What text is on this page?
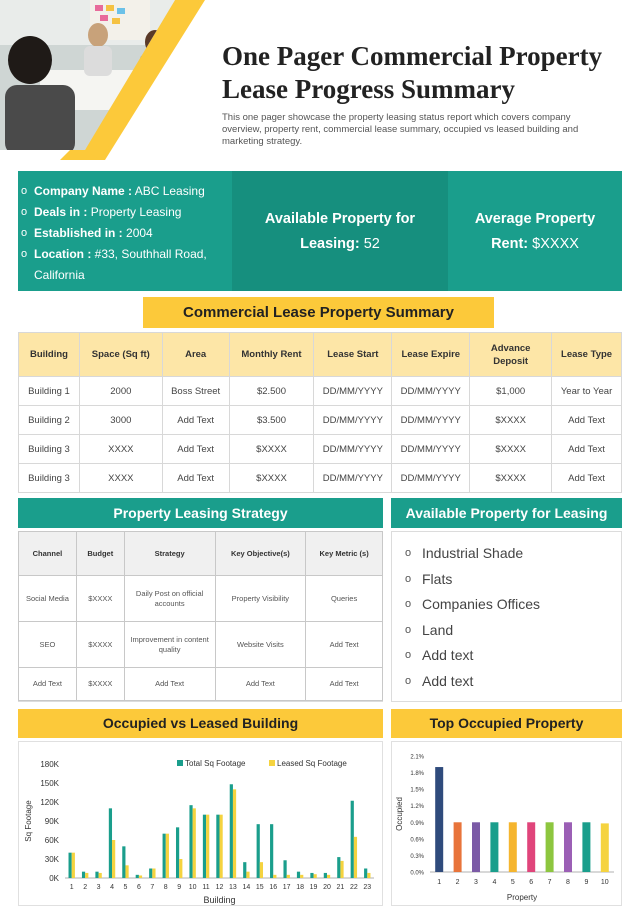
One Pager Commercial Property
Lease Progress Summary
This one pager showcase the property leasing status report which covers company overview, property rent, commercial lease summary, occupied vs leased building and marketing strategy.
o Company Name : ABC Leasing
o Deals in : Property Leasing
o Established in : 2004
o Location : #33, Southhall Road, California
Available Property for
Leasing: 52
Average Property
Rent: $XXXX
Commercial Lease Property Summary
Building	Space (Sq ft)	Area	Monthly Rent	Lease Start	Lease Expire	Advance Deposit	Lease Type
Building 1	2000	Boss Street	$2.500	DD/MM/YYYY	DD/MM/YYYY	$1,000	Year to Year
Building 2	3000	Add Text	$3.500	DD/MM/YYYY	DD/MM/YYYY	$XXXX	Add Text
Building 3	XXXX	Add Text	$XXXX	DD/MM/YYYY	DD/MM/YYYY	$XXXX	Add Text
Building 3	XXXX	Add Text	$XXXX	DD/MM/YYYY	DD/MM/YYYY	$XXXX	Add Text
Property Leasing Strategy
Channel	Budget	Strategy	Key Objective(s)	Key Metric (s)
Social Media	$XXXX	Daily Post on official accounts	Property Visibility	Queries
SEO	$XXXX	Improvement in content quality	Website Visits	Add Text
Add Text	$XXXX	Add Text	Add Text	Add Text
Available Property for Leasing
o Industrial Shade
o Flats
o Companies Offices
o Land
o Add text
o Add text
Occupied vs Leased Building	Top Occupied Property
0K
30K
60K
90K
120K
150K
180K
Sq Footage
Building
1 2 3 4 5 6 7 8 9 10 11 12 13 14 15 16 17 18 19 20 21 22 23
Total Sq Footage	Leased Sq Footage
0.0%
0.3%
0.6%
0.9%
1.2%
1.5%
1.8%
2.1%
Occupied
Property
1 2 3 4 5 6 7 8 9 10
